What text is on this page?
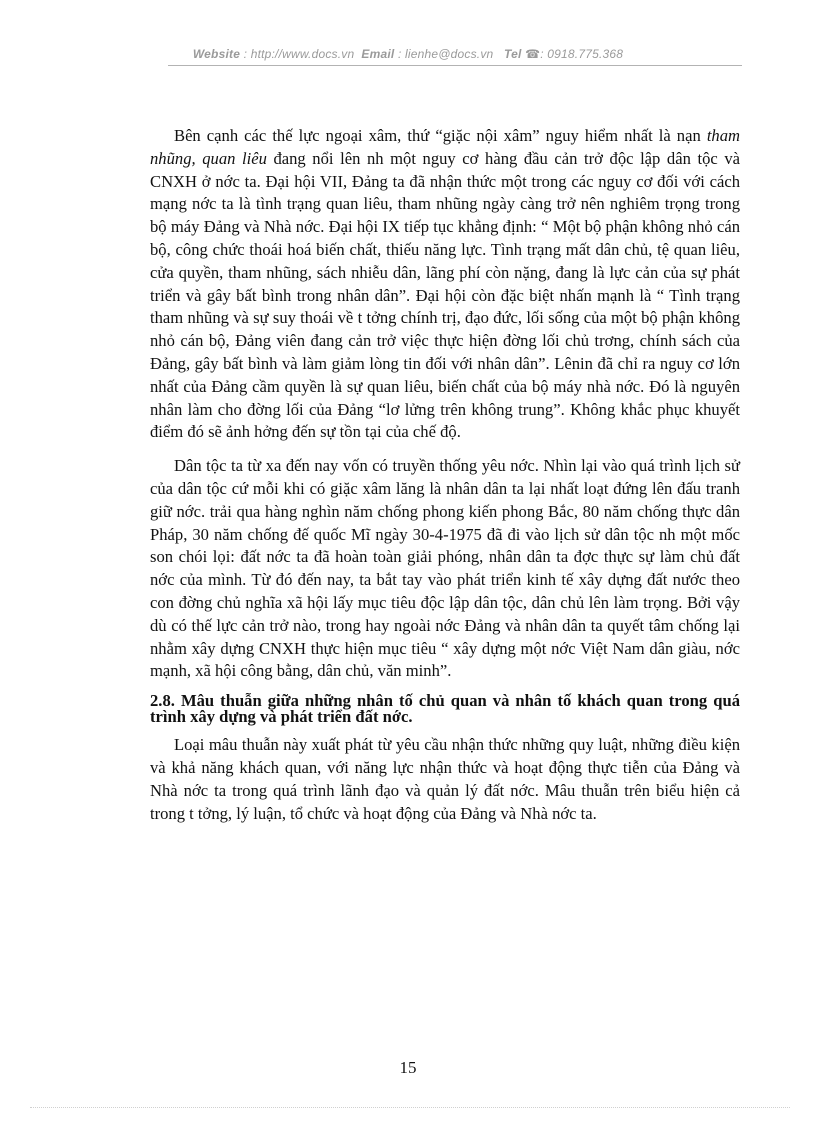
Website : http://www.docs.vn Email : lienhe@docs.vn Tel ☎: 0918.775.368

Bên cạnh các thế lực ngoại xâm, thứ “giặc nội xâm” nguy hiểm nhất là nạn tham nhũng, quan liêu đang nổi lên nh một nguy cơ hàng đầu cản trở độc lập dân tộc và CNXH ở nớc ta. Đại hội VII, Đảng ta đã nhận thức một trong các nguy cơ đối với cách mạng nớc ta là tình trạng quan liêu, tham nhũng ngày càng trở nên nghiêm trọng trong bộ máy Đảng và Nhà nớc. Đại hội IX tiếp tục khẳng định: “ Một bộ phận không nhỏ cán bộ, công chức thoái hoá biến chất, thiếu năng lực. Tình trạng mất dân chủ, tệ quan liêu, cửa quyền, tham nhũng, sách nhiễu dân, lãng phí còn nặng, đang là lực cản của sự phát triển và gây bất bình trong nhân dân”. Đại hội còn đặc biệt nhấn mạnh là “ Tình trạng tham nhũng và sự suy thoái về t tởng chính trị, đạo đức, lối sống của một bộ phận không nhỏ cán bộ, Đảng viên đang cản trở việc thực hiện đờng lối chủ trơng, chính sách của Đảng, gây bất bình và làm giảm lòng tin đối với nhân dân”. Lênin đã chỉ ra nguy cơ lớn nhất của Đảng cầm quyền là sự quan liêu, biến chất của bộ máy nhà nớc. Đó là nguyên nhân làm cho đờng lối của Đảng “lơ lửng trên không trung”. Không khắc phục khuyết điểm đó sẽ ảnh hởng đến sự tồn tại của chế độ.

Dân tộc ta từ xa đến nay vốn có truyền thống yêu nớc. Nhìn lại vào quá trình lịch sử của dân tộc cứ mỗi khi có giặc xâm lăng là nhân dân ta lại nhất loạt đứng lên đấu tranh giữ nớc. trải qua hàng nghìn năm chống phong kiến phong Bắc, 80 năm chống thực dân Pháp, 30 năm chống đế quốc Mĩ ngày 30-4-1975 đã đi vào lịch sử dân tộc nh một mốc son chói lọi: đất nớc ta đã hoàn toàn giải phóng, nhân dân ta đợc thực sự làm chủ đất nớc của mình. Từ đó đến nay, ta bắt tay vào phát triển kinh tế xây dựng đất nước theo con đờng chủ nghĩa xã hội lấy mục tiêu độc lập dân tộc, dân chủ lên làm trọng. Bởi vậy dù có thế lực cản trở nào, trong hay ngoài nớc Đảng và nhân dân ta quyết tâm chống lại nhằm xây dựng CNXH thực hiện mục tiêu “ xây dựng một nớc Việt Nam dân giàu, nớc mạnh, xã hội công bằng, dân chủ, văn minh”.

2.8. Mâu thuẫn giữa những nhân tố chủ quan và nhân tố khách quan trong quá trình xây dựng và phát triển đất nớc.

Loại mâu thuẫn này xuất phát từ yêu cầu nhận thức những quy luật, những điều kiện và khả năng khách quan, với năng lực nhận thức và hoạt động thực tiễn của Đảng và Nhà nớc ta trong quá trình lãnh đạo và quản lý đất nớc. Mâu thuẫn trên biểu hiện cả trong t tởng, lý luận, tổ chức và hoạt động của Đảng và Nhà nớc ta.

15
